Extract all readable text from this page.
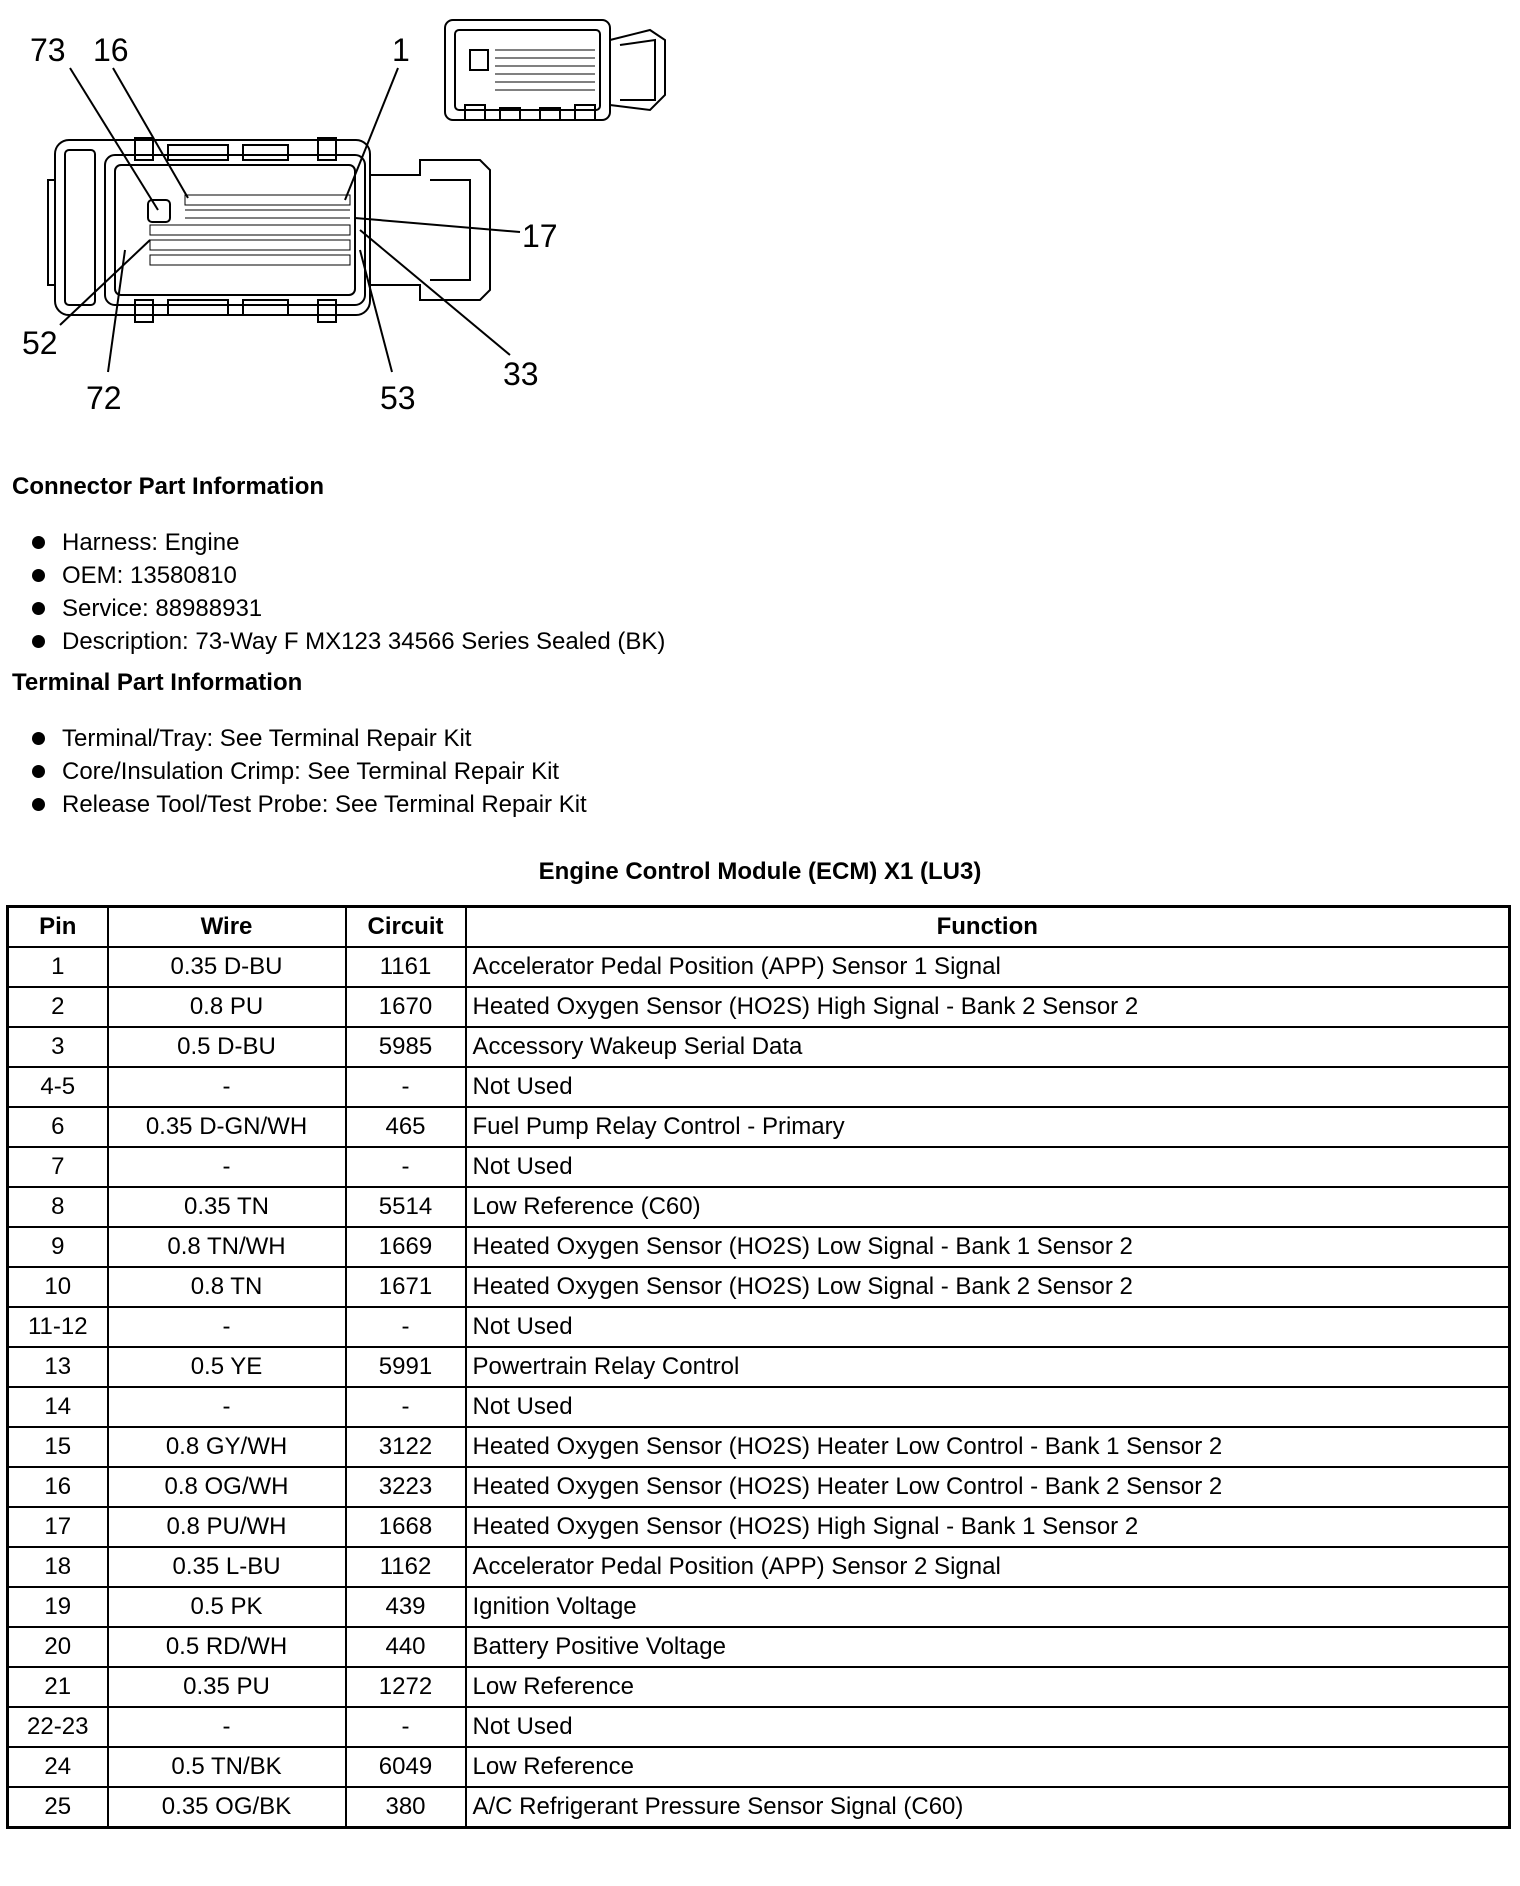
73 16	1
17
52
72	53
33
Connector Part Information
Harness: Engine
OEM: 13580810
Service: 88988931
Description: 73-Way F MX123 34566 Series Sealed (BK)
Terminal Part Information
Terminal/Tray: See Terminal Repair Kit
Core/Insulation Crimp: See Terminal Repair Kit
Release Tool/Test Probe: See Terminal Repair Kit
Engine Control Module (ECM) X1 (LU3)
Pin	Wire	Circuit	Function
1	0.35 D-BU	1161	Accelerator Pedal Position (APP) Sensor 1 Signal
2	0.8 PU	1670	Heated Oxygen Sensor (HO2S) High Signal - Bank 2 Sensor 2
3	0.5 D-BU	5985	Accessory Wakeup Serial Data
4-5	-	-	Not Used
6	0.35 D-GN/WH	465	Fuel Pump Relay Control - Primary
7	-	-	Not Used
8	0.35 TN	5514	Low Reference (C60)
9	0.8 TN/WH	1669	Heated Oxygen Sensor (HO2S) Low Signal - Bank 1 Sensor 2
10	0.8 TN	1671	Heated Oxygen Sensor (HO2S) Low Signal - Bank 2 Sensor 2
11-12	-	-	Not Used
13	0.5 YE	5991	Powertrain Relay Control
14	-	-	Not Used
15	0.8 GY/WH	3122	Heated Oxygen Sensor (HO2S) Heater Low Control - Bank 1 Sensor 2
16	0.8 OG/WH	3223	Heated Oxygen Sensor (HO2S) Heater Low Control - Bank 2 Sensor 2
17	0.8 PU/WH	1668	Heated Oxygen Sensor (HO2S) High Signal - Bank 1 Sensor 2
18	0.35 L-BU	1162	Accelerator Pedal Position (APP) Sensor 2 Signal
19	0.5 PK	439	Ignition Voltage
20	0.5 RD/WH	440	Battery Positive Voltage
21	0.35 PU	1272	Low Reference
22-23	-	-	Not Used
24	0.5 TN/BK	6049	Low Reference
25	0.35 OG/BK	380	A/C Refrigerant Pressure Sensor Signal (C60)
